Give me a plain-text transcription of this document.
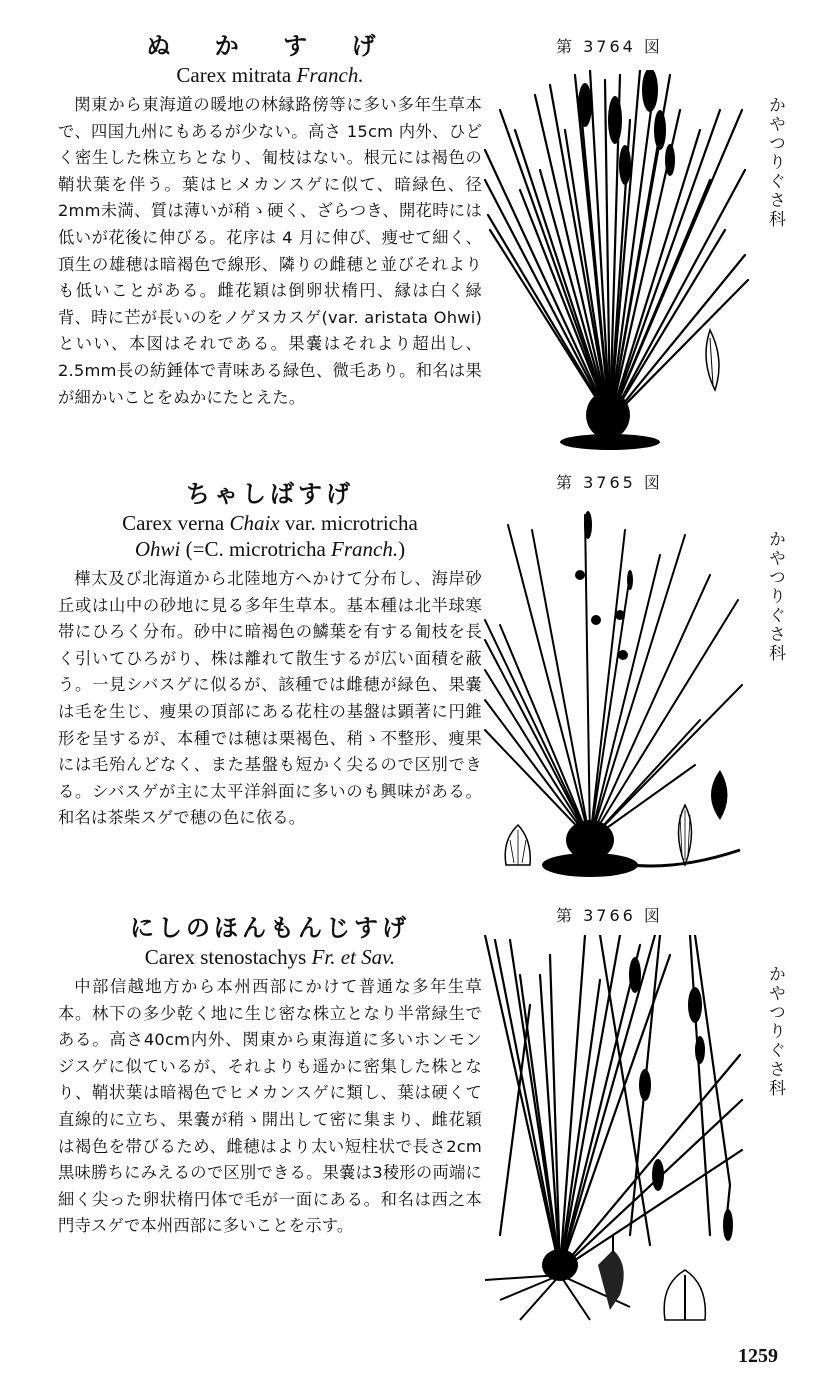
ぬ か す げ

Carex mitrata Franch.

関東から東海道の暖地の林縁路傍等に多い多年生草本で、四国九州にもあるが少ない。高さ 15cm 内外、ひどく密生した株立ちとなり、匍枝はない。根元には褐色の鞘状葉を伴う。葉はヒメカンスゲに似て、暗緑色、径2mm未満、質は薄いが稍ゝ硬く、ざらつき、開花時には低いが花後に伸びる。花序は 4 月に伸び、痩せて細く、頂生の雄穂は暗褐色で線形、隣りの雌穂と並びそれよりも低いことがある。雌花穎は倒卵状楕円、縁は白く緑背、時に芒が長いのをノゲヌカスゲ(var. aristata Ohwi)といい、本図はそれである。果嚢はそれより超出し、2.5mm長の紡錘体で青味ある緑色、微毛あり。和名は果が細かいことをぬかにたとえた。

ちゃしばすげ

Carex verna Chaix var. microtricha

Ohwi (=C. microtricha Franch.)

樺太及び北海道から北陸地方へかけて分布し、海岸砂丘或は山中の砂地に見る多年生草本。基本種は北半球寒帯にひろく分布。砂中に暗褐色の鱗葉を有する匍枝を長く引いてひろがり、株は離れて散生するが広い面積を蔽う。一見シバスゲに似るが、該種では雌穂が緑色、果嚢は毛を生じ、痩果の頂部にある花柱の基盤は顕著に円錐形を呈するが、本種では穂は栗褐色、稍ゝ不整形、痩果には毛殆んどなく、また基盤も短かく尖るので区別できる。シバスゲが主に太平洋斜面に多いのも興味がある。和名は茶柴スゲで穂の色に依る。

にしのほんもんじすげ

Carex stenostachys Fr. et Sav.

中部信越地方から本州西部にかけて普通な多年生草本。林下の多少乾く地に生じ密な株立となり半常緑生である。高さ40cm内外、関東から東海道に多いホンモンジスゲに似ているが、それよりも遥かに密集した株となり、鞘状葉は暗褐色でヒメカンスゲに類し、葉は硬くて直線的に立ち、果嚢が稍ゝ開出して密に集まり、雌花穎は褐色を帯びるため、雌穂はより太い短柱状で長さ2cm黒味勝ちにみえるので区別できる。果嚢は3稜形の両端に細く尖った卵状楕円体で毛が一面にある。和名は西之本門寺スゲで本州西部に多いことを示す。

第 3764 図
第 3765 図
第 3766 図
かやつりぐさ科
かやつりぐさ科
かやつりぐさ科
1259
